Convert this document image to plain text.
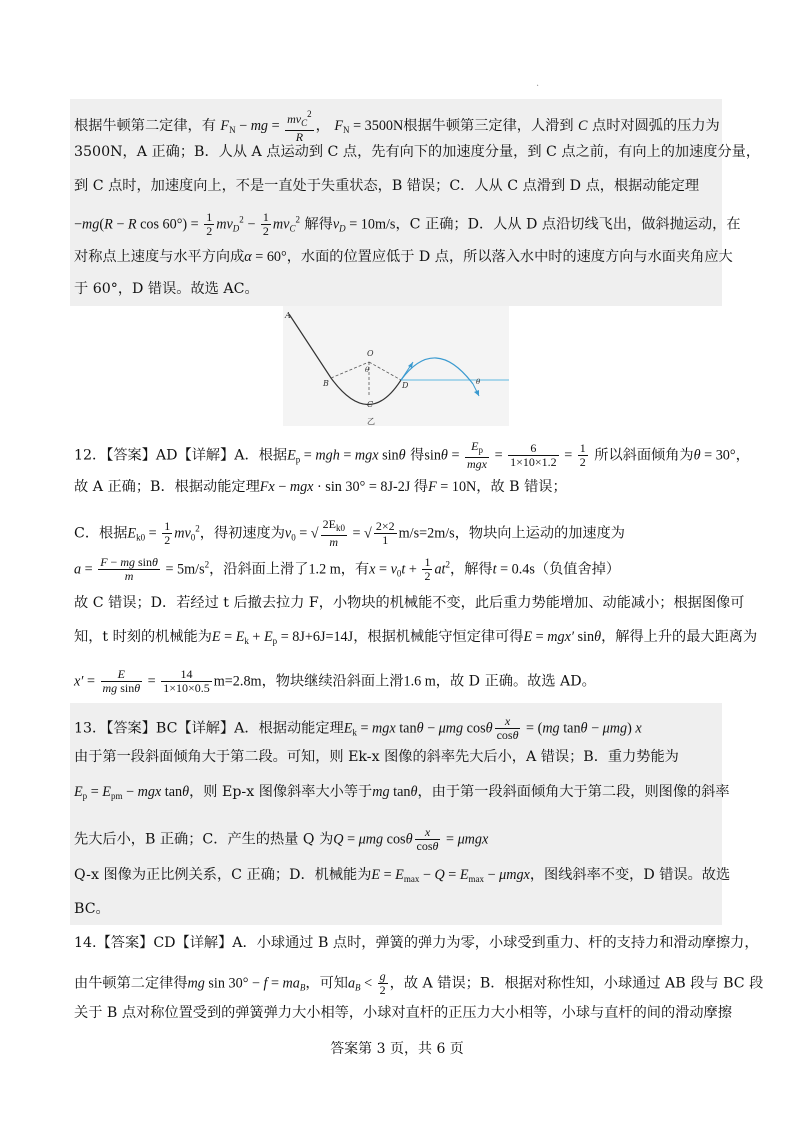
.
根据牛顿第二定律，有 $F_N$ − mg = $\frac{mv_C^2}{R}$ ， $F_N = 3500N$根据牛顿第三定律，人滑到 C 点时对圆弧的压力为
3500N，A 正确；B．人从 A 点运动到 C 点，先有向下的加速度分量，到 C 点之前，有向上的加速度分量，
到 C 点时，加速度向上，不是一直处于失重状态，B 错误；C．人从 C 点滑到 D 点，根据动能定理
−mg(R − R $\cos 60^\circ) = \frac{1}{2} mv_D^2 - \frac{1}{2} mv_C^2$ 解得$v_D = 10m/s$，C 正确；D．人从 D 点沿切线飞出，做斜抛运动，在
对称点上速度与水平方向成α = 60°，水面的位置应低于 D 点，所以落入水中时的速度方向与水面夹角应大
于 60°，D 错误。故选 AC。
A
B
O
θ
C
D	θ
乙
12．【答案】AD【详解】A．根据$E_p$ = mgh = mgx sinθ 得$\sin\theta = \frac{E_p}{\text{mgx}} = \frac{6}{1\times 10\times 1.2} = \frac{1}{2}$ 所以斜面倾角为θ = 30°，
故 A 正确；B．根据动能定理Fx − mgx · sin 30° = 8J-2J 得F = 10N，故 B 错误；
C．根据$E_{k0} = \frac{1}{2} mv_0^2$，得初速度为$v_0$ = √ $\frac{2E_{k0}}{m}$ = √ $\frac{2\times 2}{1} m/s=2m/s$，物块向上运动的加速度为
$a = \frac{\text{F − mg sinθ}}{m} = 5m/s^2$，沿斜面上滑了1.2 m，有$x = v_0t + \frac{1}{2} at^2$，解得t = 0.4s（负值舍掉）
故 C 错误；D．若经过 t 后撤去拉力 F，小物块的机械能不变，此后重力势能增加、动能减小；根据图像可
知，t 时刻的机械能为$E = E_k + E_p = 8J+6J=14J$，根据机械能守恒定律可得E = mgx′ sinθ，解得上升的最大距离为
$x' = \frac{E}{\text{mg sinθ}} = \frac{14}{1\times 10\times 0.5} m=2.8m$，物块继续沿斜面上滑1.6 m，故 D 正确。故选 AD。
13．【答案】BC【详解】A．根据动能定理$E_k$ = mgx tanθ − μmg cosθ $\frac{x}{\cos\theta} = (mg$ tanθ − μmg) x
由于第一段斜面倾角大于第二段。可知，则 Ek-x 图像的斜率先大后小，A 错误；B．重力势能为
$E_p = E_{pm}$ − mgx tanθ，则 Ep-x 图像斜率大小等于mg tanθ，由于第一段斜面倾角大于第二段，则图像的斜率
先大后小，B 正确；C．产生的热量 Q 为Q = μmg cosθ $\frac{x}{\cos\theta} = \mu mgx$
Q-x 图像为正比例关系，C 正确；D．机械能为$E = E_{max} - Q = E_{max} - \mu mgx$，图线斜率不变，D 错误。故选
BC。
14.【答案】CD【详解】A．小球通过 B 点时，弹簧的弹力为零，小球受到重力、杆的支持力和滑动摩擦力，
由牛顿第二定律得mg $\sin 30^\circ - f = ma_B$，可知$a_B < \frac{g}{2}$ ，故 A 错误；B．根据对称性知，小球通过 AB 段与 BC 段
关于 B 点对称位置受到的弹簧弹力大小相等，小球对直杆的正压力大小相等，小球与直杆的间的滑动摩擦
答案第 3 页，共 6 页
